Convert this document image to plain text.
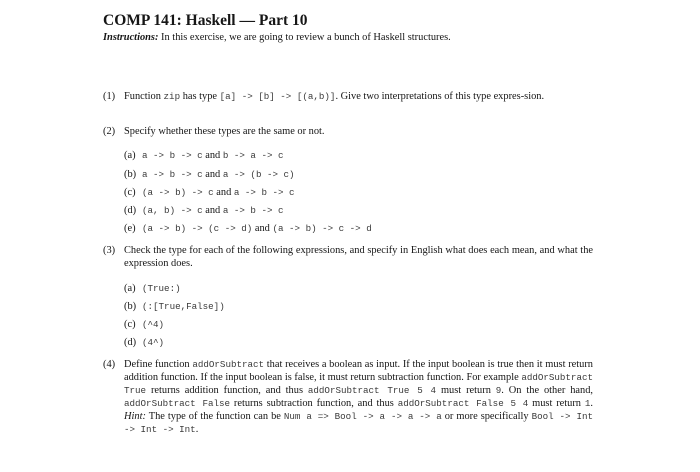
COMP 141: Haskell — Part 10
Instructions: In this exercise, we are going to review a bunch of Haskell structures.
(1) Function zip has type [a] -> [b] -> [(a,b)]. Give two interpretations of this type expres-sion.
(2) Specify whether these types are the same or not.
(a) a -> b -> c and b -> a -> c
(b) a -> b -> c and a -> (b -> c)
(c) (a -> b) -> c and a -> b -> c
(d) (a, b) -> c and a -> b -> c
(e) (a -> b) -> (c -> d) and (a -> b) -> c -> d
(3) Check the type for each of the following expressions, and specify in English what does each mean, and what the expression does.
(a) (True:)
(b) (:[True,False])
(c) (^4)
(d) (4^)
(4) Define function addOrSubtract that receives a boolean as input. If the input boolean is true then it must return addition function. If the input boolean is false, it must return subtraction function. For example addOrSubtract True returns addition function, and thus addOrSubtract True 5 4 must return 9. On the other hand, addOrSubtract False returns subtraction function, and thus addOrSubtract False 5 4 must return 1. Hint: The type of the function can be Num a => Bool -> a -> a -> a or more specifically Bool -> Int -> Int -> Int.
